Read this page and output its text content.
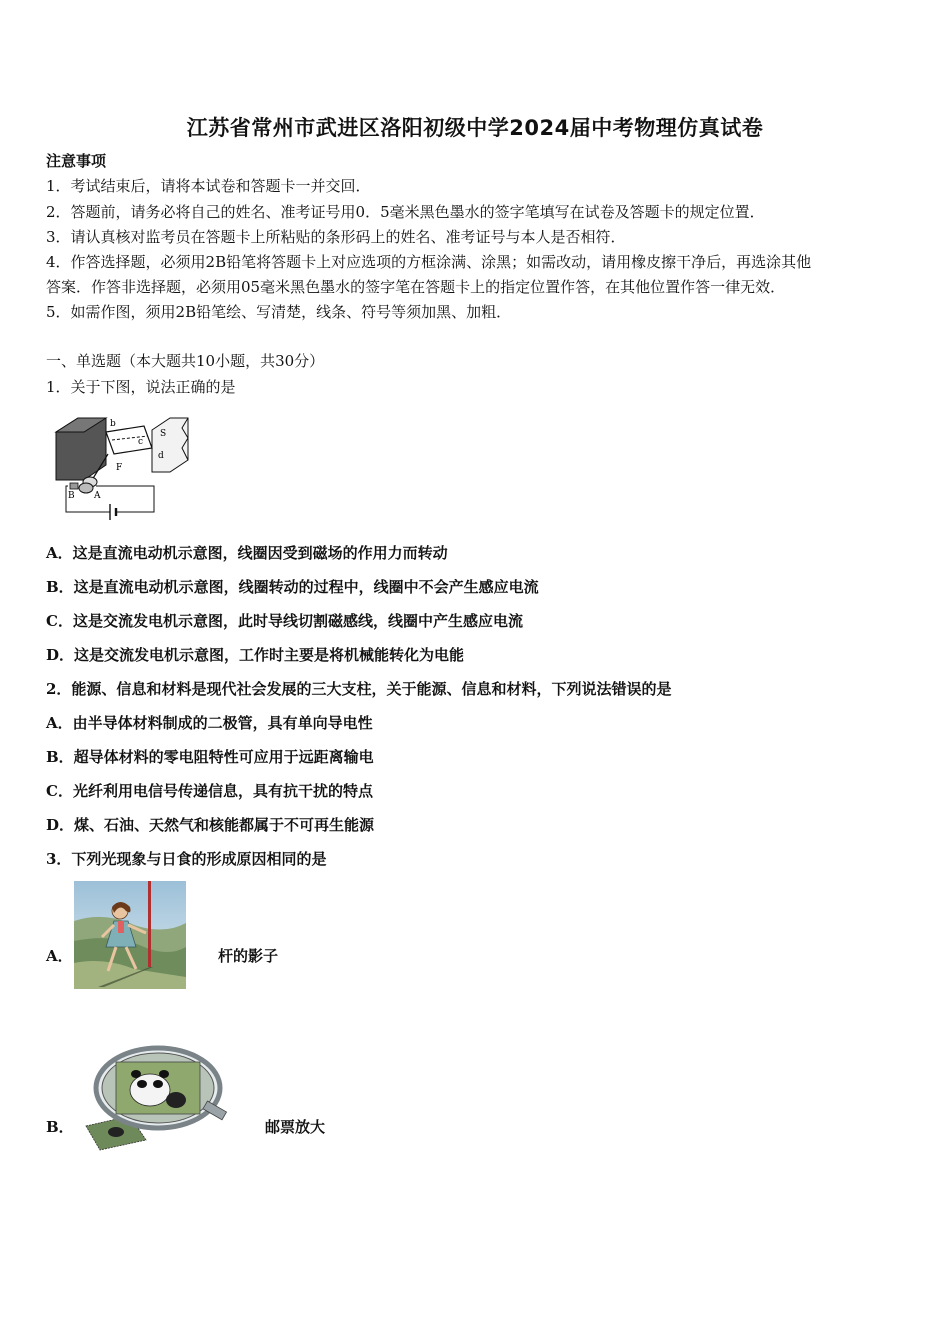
江苏省常州市武进区洛阳初级中学2024届中考物理仿真试卷
注意事项
1．考试结束后，请将本试卷和答题卡一并交回．
2．答题前，请务必将自己的姓名、准考证号用0．5毫米黑色墨水的签字笔填写在试卷及答题卡的规定位置．
3．请认真核对监考员在答题卡上所粘贴的条形码上的姓名、准考证号与本人是否相符．
4．作答选择题，必须用2B铅笔将答题卡上对应选项的方框涂满、涂黑；如需改动，请用橡皮擦干净后，再选涂其他
答案．作答非选择题，必须用05毫米黑色墨水的签字笔在答题卡上的指定位置作答，在其他位置作答一律无效．
5．如需作图，须用2B铅笔绘、写清楚，线条、符号等须加黑、加粗．
一、单选题（本大题共10小题，共30分）
1．关于下图，说法正确的是
b
c
d
S
F
B A
A．这是直流电动机示意图，线圈因受到磁场的作用力而转动
B．这是直流电动机示意图，线圈转动的过程中，线圈中不会产生感应电流
C．这是交流发电机示意图，此时导线切割磁感线，线圈中产生感应电流
D．这是交流发电机示意图，工作时主要是将机械能转化为电能
2．能源、信息和材料是现代社会发展的三大支柱，关于能源、信息和材料，下列说法错误的是
A．由半导体材料制成的二极管，具有单向导电性
B．超导体材料的零电阻特性可应用于远距离输电
C．光纤利用电信号传递信息，具有抗干扰的特点
D．煤、石油、天然气和核能都属于不可再生能源
3．下列光现象与日食的形成原因相同的是
A．	杆的影子
B．	邮票放大
